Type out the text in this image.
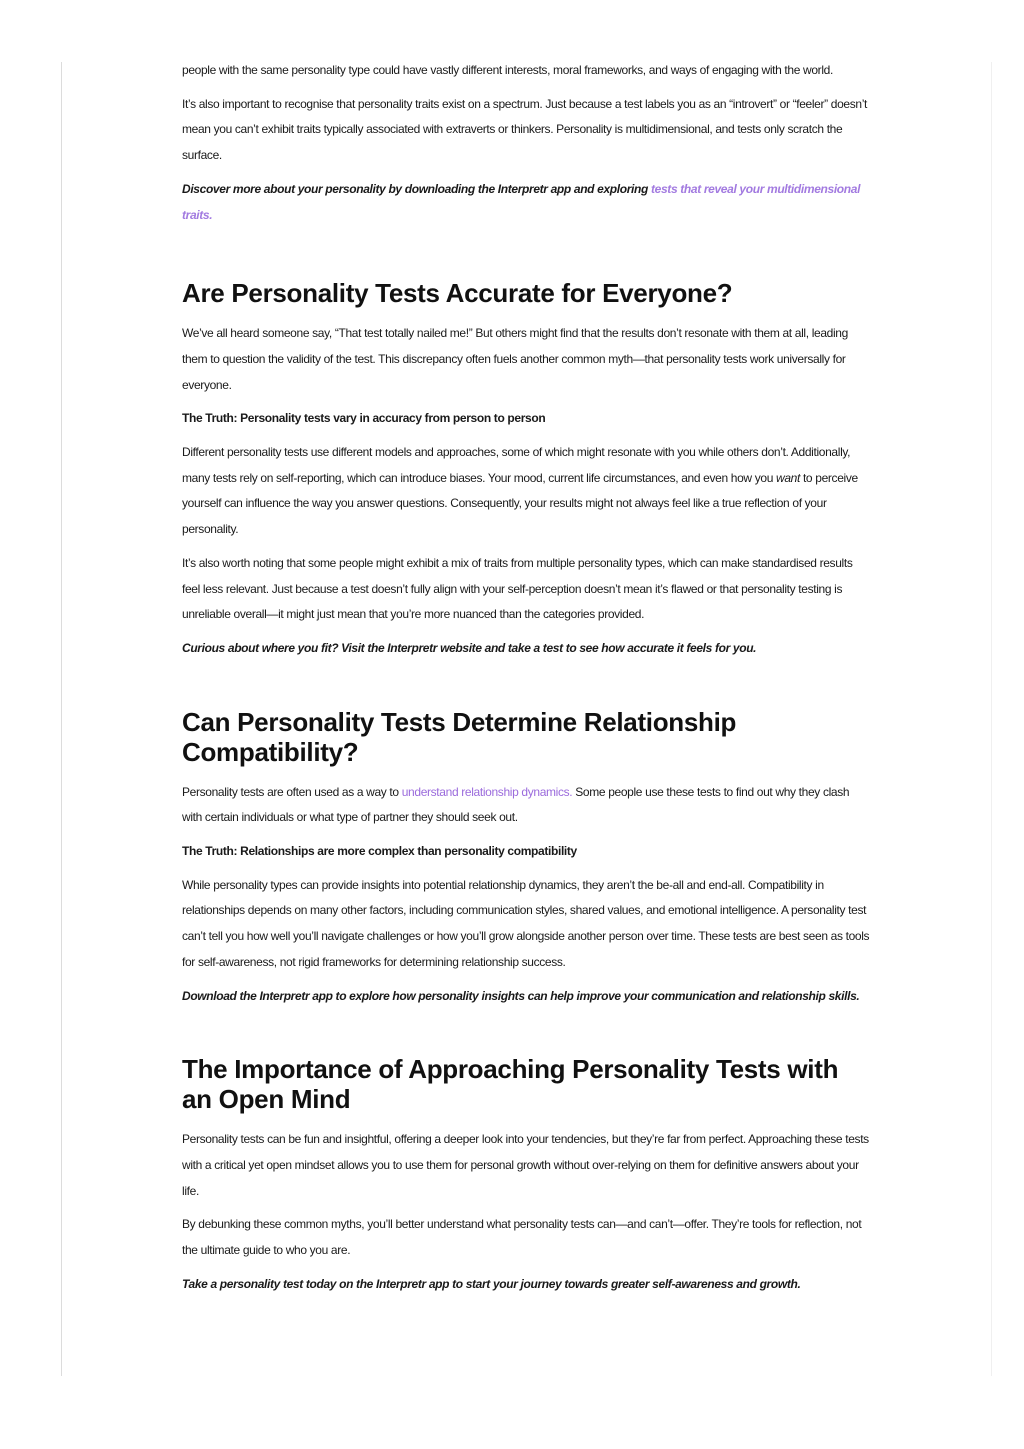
people with the same personality type could have vastly different interests, moral frameworks, and ways of engaging with the world.

It’s also important to recognise that personality traits exist on a spectrum. Just because a test labels you as an “introvert” or “feeler” doesn’t mean you can’t exhibit traits typically associated with extraverts or thinkers. Personality is multidimensional, and tests only scratch the surface.

Discover more about your personality by downloading the Interpretr app and exploring tests that reveal your multidimensional traits.

Are Personality Tests Accurate for Everyone?

We’ve all heard someone say, “That test totally nailed me!” But others might find that the results don’t resonate with them at all, leading them to question the validity of the test. This discrepancy often fuels another common myth—that personality tests work universally for everyone.

The Truth: Personality tests vary in accuracy from person to person

Different personality tests use different models and approaches, some of which might resonate with you while others don’t. Additionally, many tests rely on self-reporting, which can introduce biases. Your mood, current life circumstances, and even how you want to perceive yourself can influence the way you answer questions. Consequently, your results might not always feel like a true reflection of your personality.

It’s also worth noting that some people might exhibit a mix of traits from multiple personality types, which can make standardised results feel less relevant. Just because a test doesn’t fully align with your self-perception doesn’t mean it’s flawed or that personality testing is unreliable overall—it might just mean that you’re more nuanced than the categories provided.

Curious about where you fit? Visit the Interpretr website and take a test to see how accurate it feels for you.

Can Personality Tests Determine Relationship Compatibility?

Personality tests are often used as a way to understand relationship dynamics. Some people use these tests to find out why they clash with certain individuals or what type of partner they should seek out.

The Truth: Relationships are more complex than personality compatibility

While personality types can provide insights into potential relationship dynamics, they aren’t the be-all and end-all. Compatibility in relationships depends on many other factors, including communication styles, shared values, and emotional intelligence. A personality test can’t tell you how well you’ll navigate challenges or how you’ll grow alongside another person over time. These tests are best seen as tools for self-awareness, not rigid frameworks for determining relationship success.

Download the Interpretr app to explore how personality insights can help improve your communication and relationship skills.

The Importance of Approaching Personality Tests with an Open Mind

Personality tests can be fun and insightful, offering a deeper look into your tendencies, but they’re far from perfect. Approaching these tests with a critical yet open mindset allows you to use them for personal growth without over-relying on them for definitive answers about your life.

By debunking these common myths, you’ll better understand what personality tests can—and can’t—offer. They’re tools for reflection, not the ultimate guide to who you are.

Take a personality test today on the Interpretr app to start your journey towards greater self-awareness and growth.
